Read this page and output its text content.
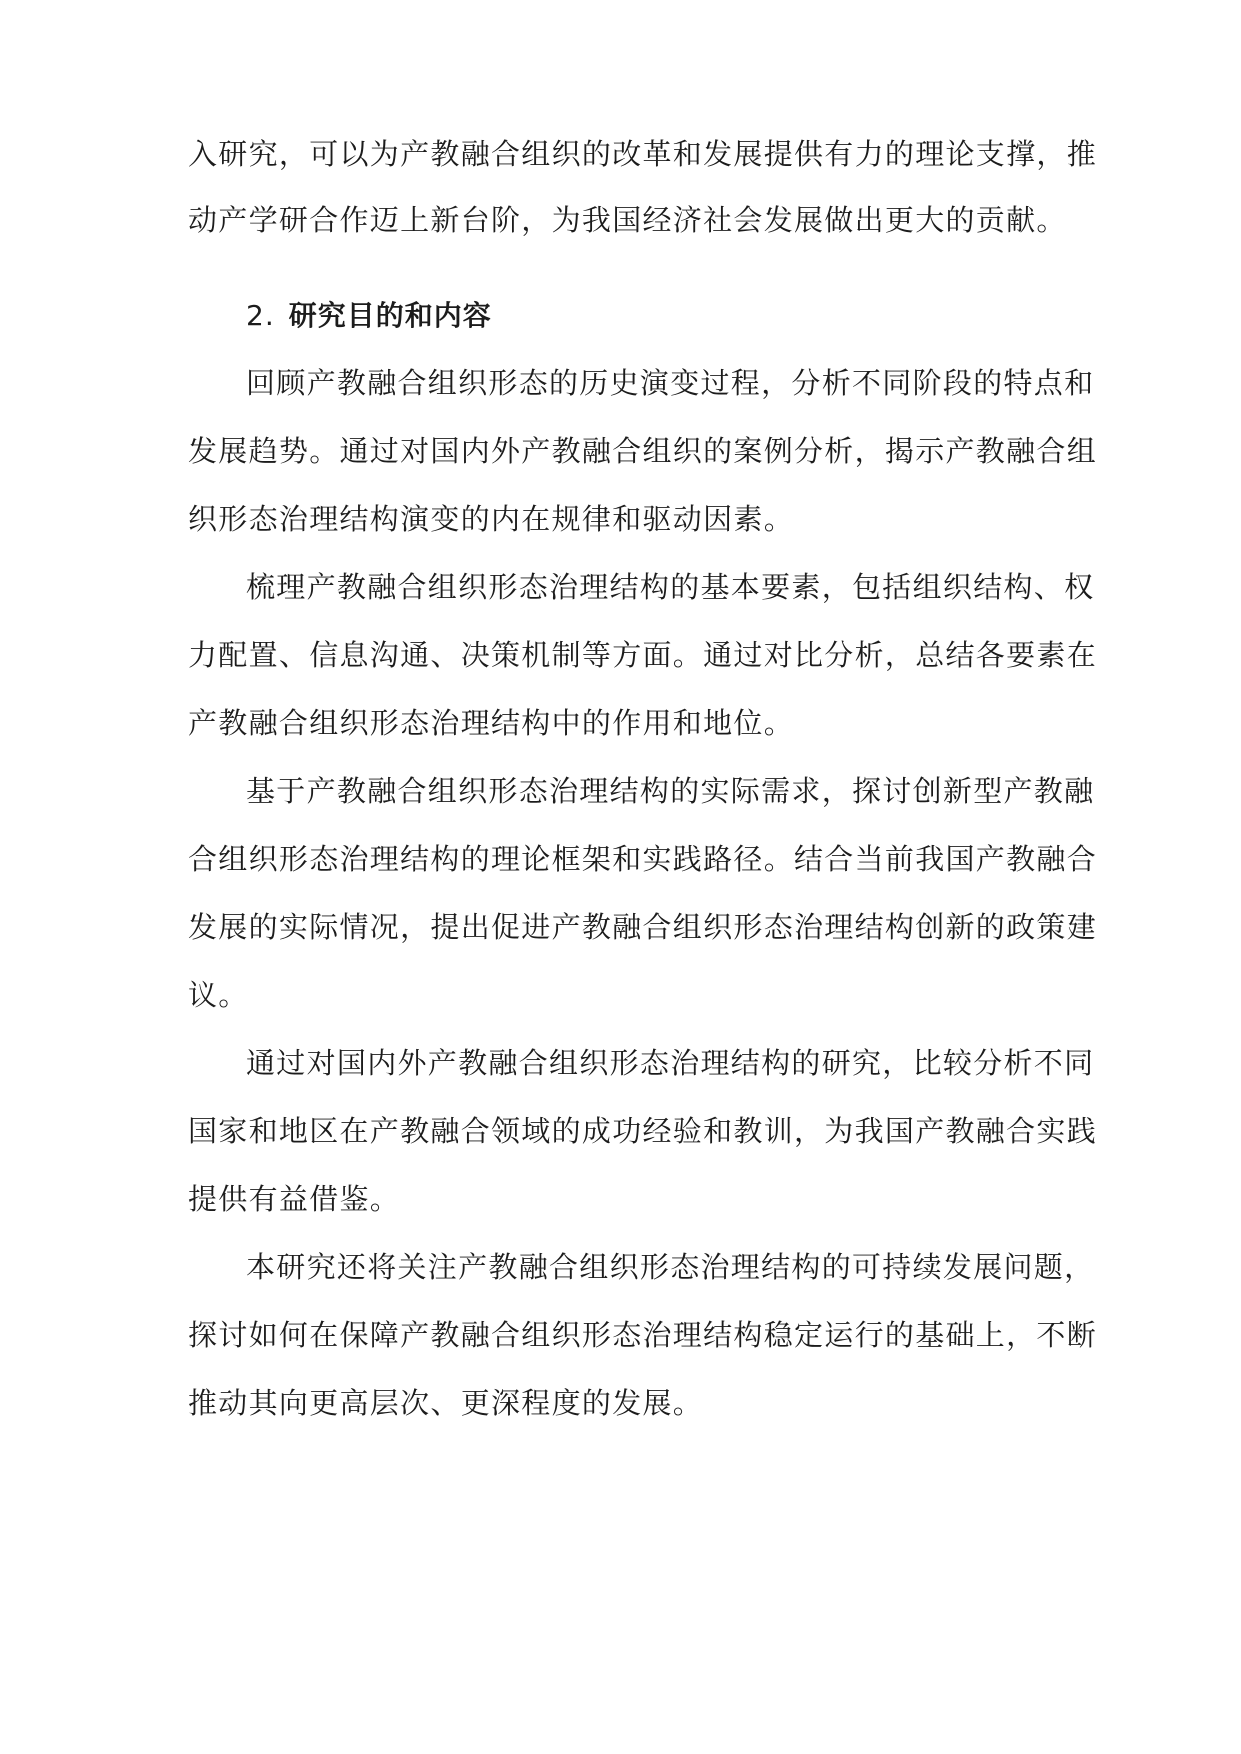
入研究，可以为产教融合组织的改革和发展提供有力的理论支撑，推
动产学研合作迈上新台阶，为我国经济社会发展做出更大的贡献。
2. 研究目的和内容
回顾产教融合组织形态的历史演变过程，分析不同阶段的特点和
发展趋势。通过对国内外产教融合组织的案例分析，揭示产教融合组
织形态治理结构演变的内在规律和驱动因素。
梳理产教融合组织形态治理结构的基本要素，包括组织结构、权
力配置、信息沟通、决策机制等方面。通过对比分析，总结各要素在
产教融合组织形态治理结构中的作用和地位。
基于产教融合组织形态治理结构的实际需求，探讨创新型产教融
合组织形态治理结构的理论框架和实践路径。结合当前我国产教融合
发展的实际情况，提出促进产教融合组织形态治理结构创新的政策建
议。
通过对国内外产教融合组织形态治理结构的研究，比较分析不同
国家和地区在产教融合领域的成功经验和教训，为我国产教融合实践
提供有益借鉴。
本研究还将关注产教融合组织形态治理结构的可持续发展问题，
探讨如何在保障产教融合组织形态治理结构稳定运行的基础上，不断
推动其向更高层次、更深程度的发展。
